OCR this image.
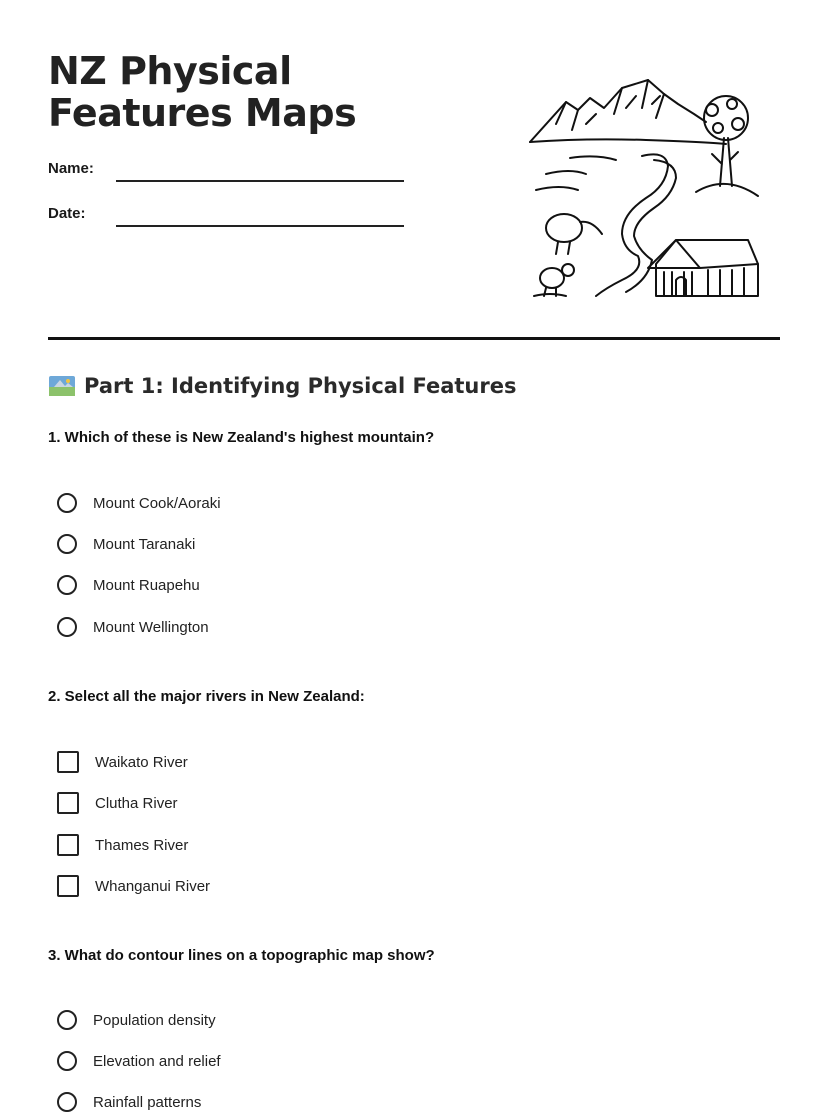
NZ Physical Features Maps
Name:
Date:
Part 1: Identifying Physical Features

1. Which of these is New Zealand's highest mountain?

Mount Cook/Aoraki
Mount Taranaki
Mount Ruapehu
Mount Wellington

2. Select all the major rivers in New Zealand:

Waikato River
Clutha River
Thames River
Whanganui River

3. What do contour lines on a topographic map show?

Population density
Elevation and relief
Rainfall patterns
